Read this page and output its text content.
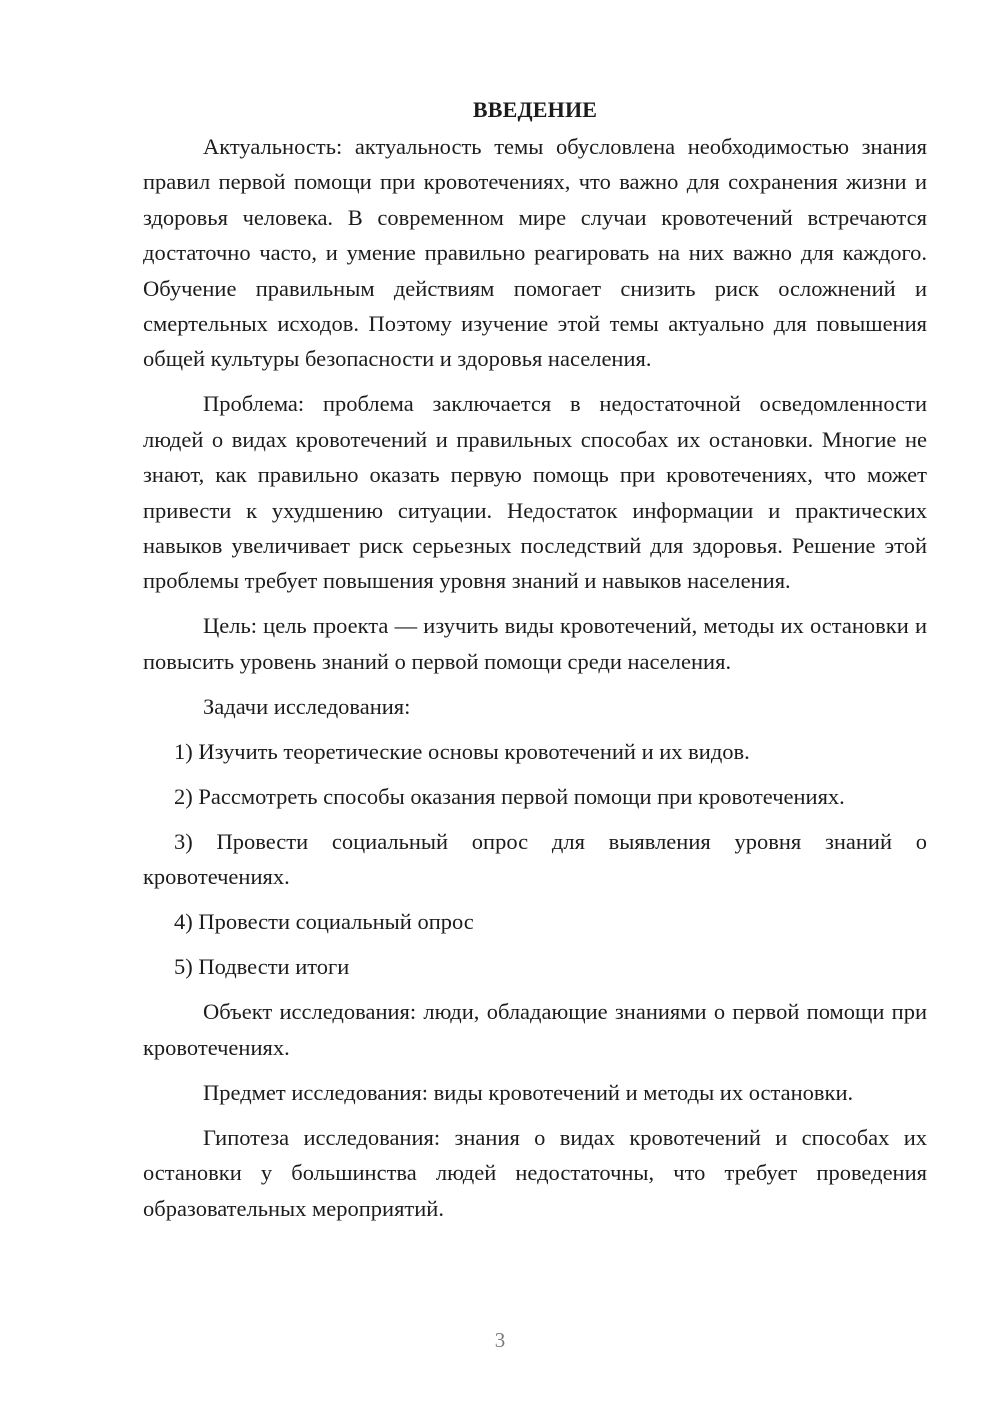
ВВЕДЕНИЕ

Актуальность: актуальность темы обусловлена необходимостью знания правил первой помощи при кровотечениях, что важно для сохранения жизни и здоровья человека. В современном мире случаи кровотечений встречаются достаточно часто, и умение правильно реагировать на них важно для каждого. Обучение правильным действиям помогает снизить риск осложнений и смертельных исходов. Поэтому изучение этой темы актуально для повышения общей культуры безопасности и здоровья населения.

Проблема: проблема заключается в недостаточной осведомленности людей о видах кровотечений и правильных способах их остановки. Многие не знают, как правильно оказать первую помощь при кровотечениях, что может привести к ухудшению ситуации. Недостаток информации и практических навыков увеличивает риск серьезных последствий для здоровья. Решение этой проблемы требует повышения уровня знаний и навыков населения.

Цель: цель проекта — изучить виды кровотечений, методы их остановки и повысить уровень знаний о первой помощи среди населения.

Задачи исследования:

1) Изучить теоретические основы кровотечений и их видов.

2) Рассмотреть способы оказания первой помощи при кровотечениях.

3) Провести социальный опрос для выявления уровня знаний о кровотечениях.

4) Провести социальный опрос

5) Подвести итоги

Объект исследования: люди, обладающие знаниями о первой помощи при кровотечениях.

Предмет исследования: виды кровотечений и методы их остановки.

Гипотеза исследования: знания о видах кровотечений и способах их остановки у большинства людей недостаточны, что требует проведения образовательных мероприятий.

3
